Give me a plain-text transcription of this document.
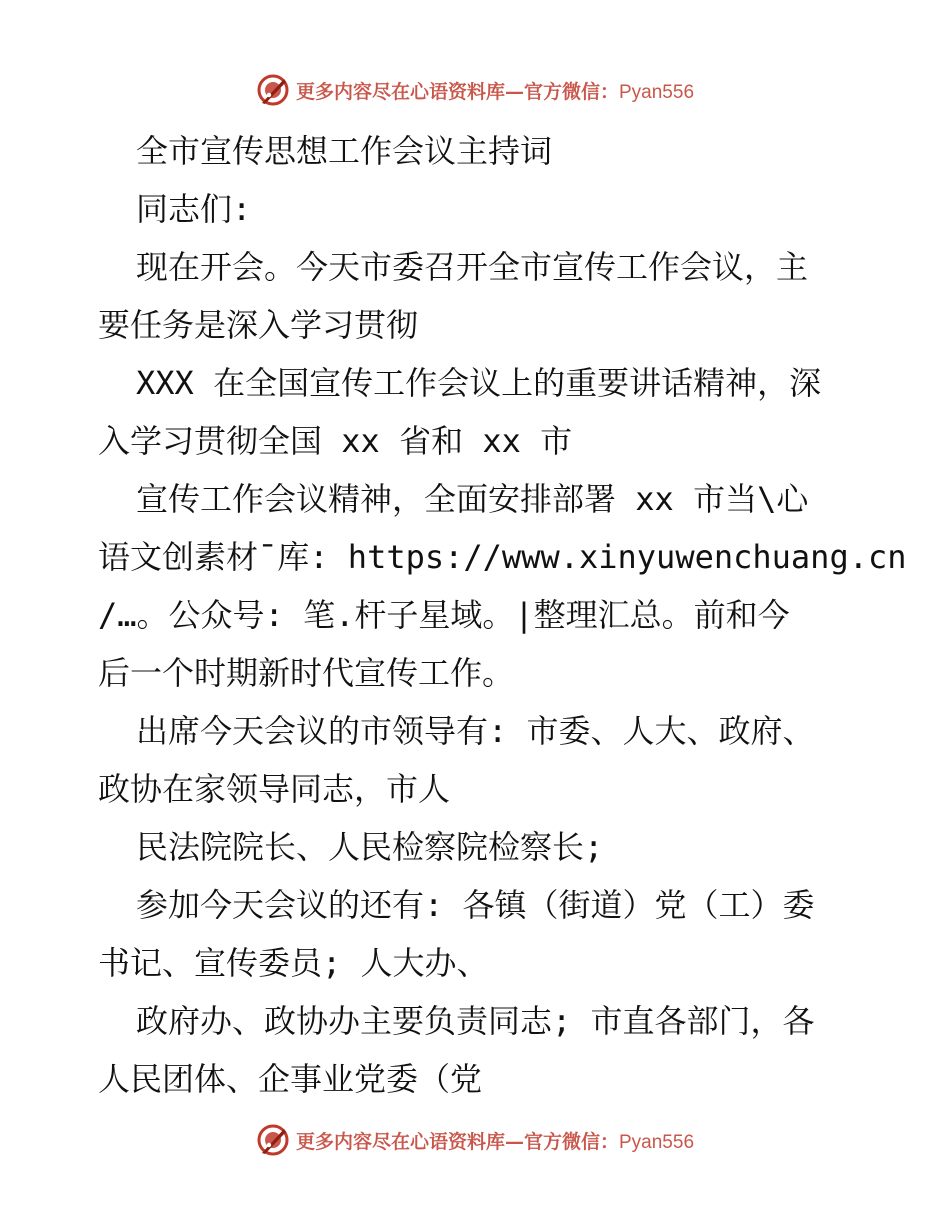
更多内容尽在心语资料库—官方微信：Pyan556
全市宣传思想工作会议主持词
同志们:
现在开会。今天市委召开全市宣传工作会议，主
要任务是深入学习贯彻
XXX 在全国宣传工作会议上的重要讲话精神，深
入学习贯彻全国 xx 省和 xx 市
宣传工作会议精神，全面安排部署 xx 市当\心
语文创素材¯库: https://www.xinyuwenchuang.cn
/…。公众号: 笔.杆子星域。|整理汇总。前和今
后一个时期新时代宣传工作。
出席今天会议的市领导有: 市委、人大、政府、
政协在家领导同志，市人
民法院院长、人民检察院检察长;
参加今天会议的还有: 各镇（街道）党（工）委
书记、宣传委员; 人大办、
政府办、政协办主要负责同志; 市直各部门，各
人民团体、企事业党委（党
更多内容尽在心语资料库—官方微信：Pyan556
